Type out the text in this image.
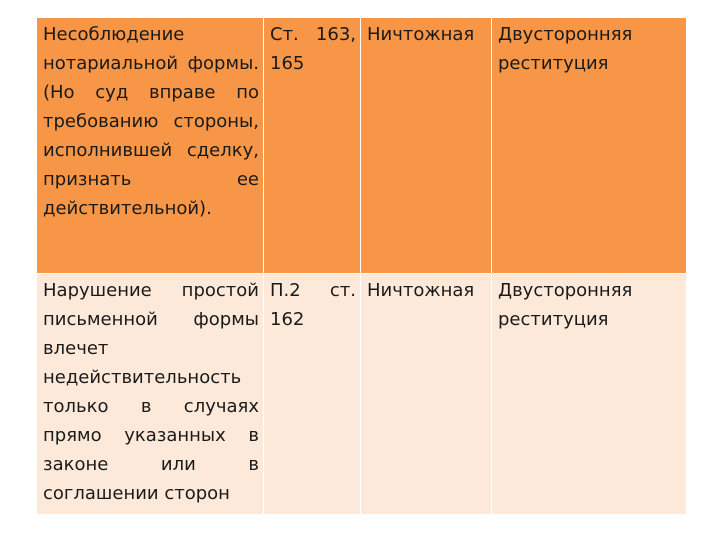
Несоблюдение нотариальной формы. (Но суд вправе по требованию стороны, исполнившей сделку, признать ее действительной).	Ст. 163, 165	Ничтожная	Двусторонняя реституция
Нарушение простой письменной формы влечет недействительность только в случаях прямо указанных в законе или в соглашении сторон	П.2 ст. 162	Ничтожная	Двусторонняя реституция
